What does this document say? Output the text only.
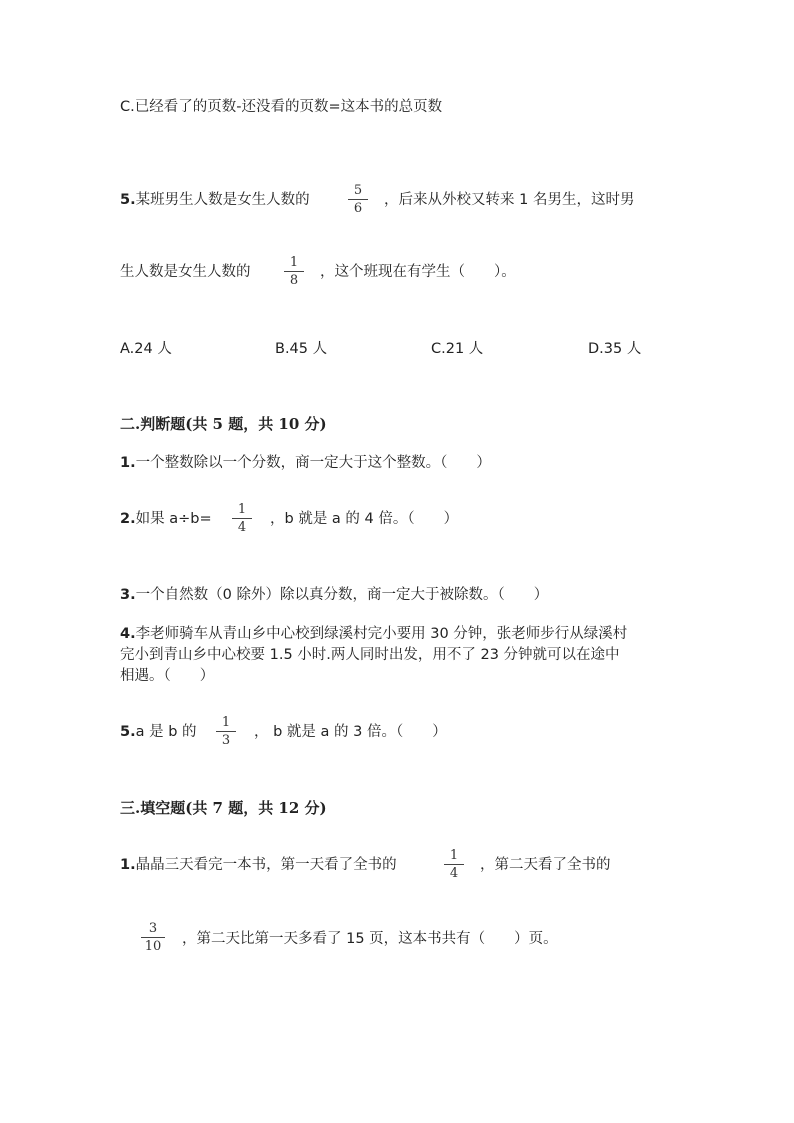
C.已经看了的页数-还没看的页数=这本书的总页数
5.某班男生人数是女生人数的
5
6
，后来从外校又转来 1 名男生，这时男
生人数是女生人数的
1
8
，这个班现在有学生（　　）。
A.24 人	B.45 人	C.21 人	D.35 人
二.判断题(共 5 题，共 10 分)
1.一个整数除以一个分数，商一定大于这个整数。（　　）
2.如果 a÷b=
1
4
，b 就是 a 的 4 倍。（　　）
3.一个自然数（0 除外）除以真分数，商一定大于被除数。（　　）
4.李老师骑车从青山乡中心校到绿溪村完小要用 30 分钟，张老师步行从绿溪村
完小到青山乡中心校要 1.5 小时.两人同时出发，用不了 23 分钟就可以在途中
相遇。（　　）
5.a 是 b 的
1
3
， b 就是 a 的 3 倍。（　　）
三.填空题(共 7 题，共 12 分)
1.晶晶三天看完一本书，第一天看了全书的
1
4
，第二天看了全书的
3
10 ，第二天比第一天多看了 15 页，这本书共有（　　）页。
